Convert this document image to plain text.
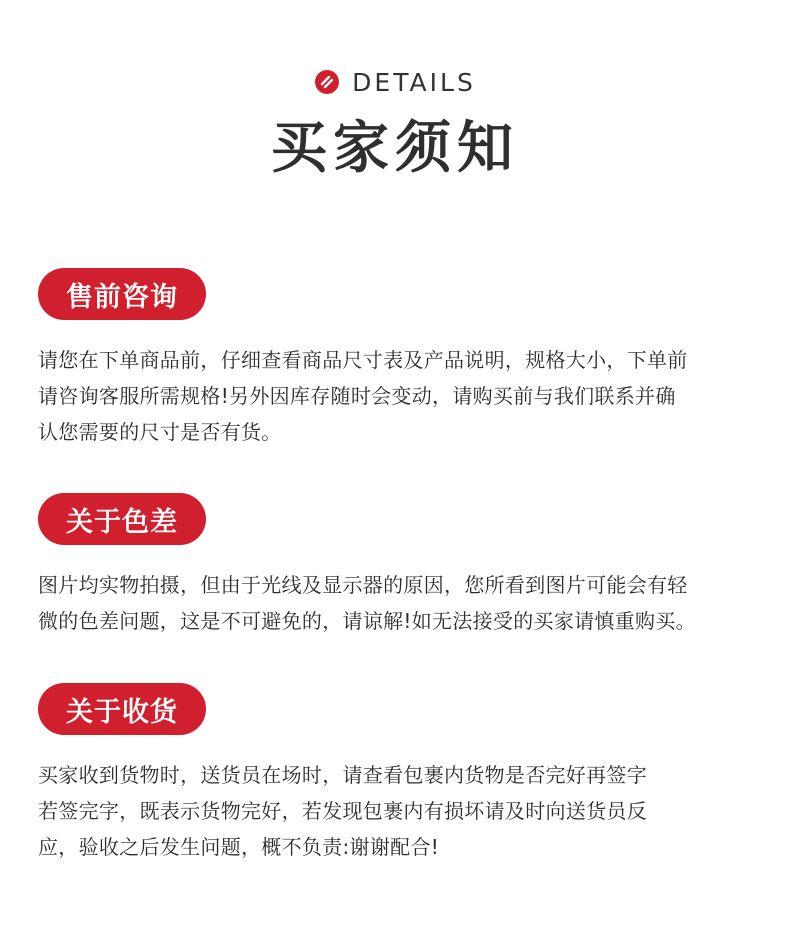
DETAILS
买家须知
售前咨询
请您在下单商品前，仔细查看商品尺寸表及产品说明，规格大小，下单前
请咨询客服所需规格!另外因库存随时会变动，请购买前与我们联系并确
认您需要的尺寸是否有货。
关于色差
图片均实物拍摄，但由于光线及显示器的原因，您所看到图片可能会有轻
微的色差问题，这是不可避免的，请谅解!如无法接受的买家请慎重购买。
关于收货
买家收到货物时，送货员在场时，请查看包裹内货物是否完好再签字
若签完字，既表示货物完好，若发现包裹内有损坏请及时向送货员反
应，验收之后发生问题，概不负责:谢谢配合!
